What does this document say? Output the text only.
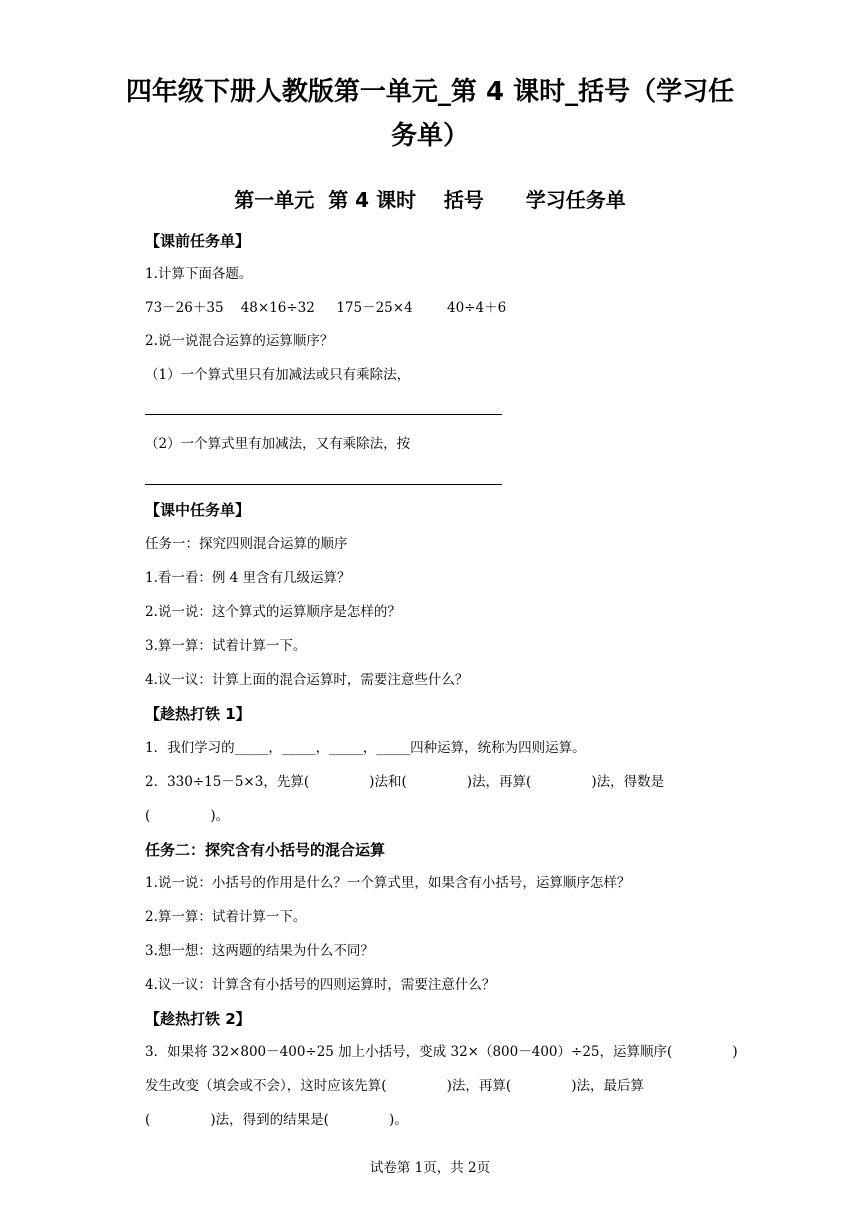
四年级下册人教版第一单元_第 4 课时_括号（学习任务单）
第一单元  第 4 课时    括号      学习任务单
【课前任务单】
1.计算下面各题。
73－26＋35    48×16÷32     175－25×4        40÷4＋6
2.说一说混合运算的运算顺序？
（1）一个算式里只有加减法或只有乘除法，
（2）一个算式里有加减法，又有乘除法，按
【课中任务单】
任务一：探究四则混合运算的顺序
1.看一看：例 4 里含有几级运算？
2.说一说：这个算式的运算顺序是怎样的？
3.算一算：试着计算一下。
4.议一议：计算上面的混合运算时，需要注意些什么？
【趁热打铁 1】
1．我们学习的_____，_____，_____，_____四种运算，统称为四则运算。
2．330÷15－5×3，先算(              )法和(              )法，再算(              )法，得数是
(              )。
任务二：探究含有小括号的混合运算
1.说一说：小括号的作用是什么？一个算式里，如果含有小括号，运算顺序怎样？
2.算一算：试着计算一下。
3.想一想：这两题的结果为什么不同？
4.议一议：计算含有小括号的四则运算时，需要注意什么？
【趁热打铁 2】
3．如果将 32×800－400÷25 加上小括号，变成 32×（800－400）÷25，运算顺序(              )
发生改变（填会或不会），这时应该先算(              )法，再算(              )法，最后算
(              )法，得到的结果是(              )。
试卷第 1页，共 2页
